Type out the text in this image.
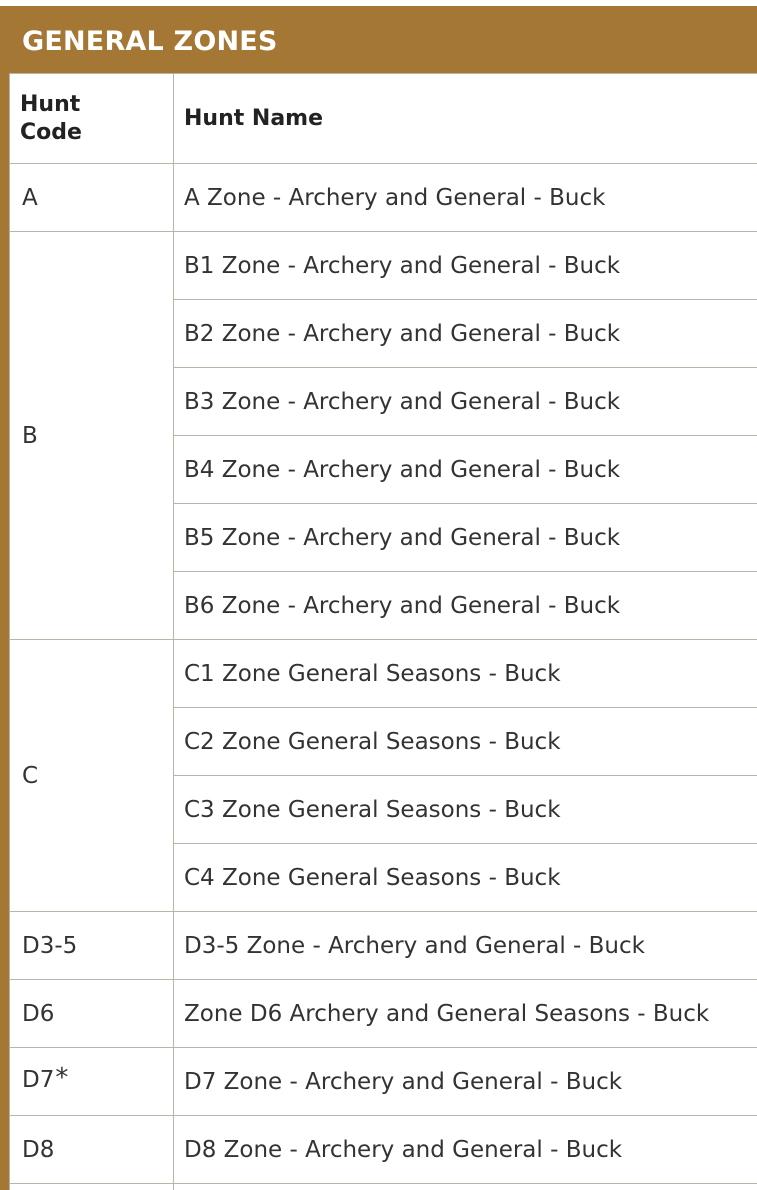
GENERAL ZONES
Hunt
Code	Hunt Name
A	A Zone - Archery and General - Buck
B	B1 Zone - Archery and General - Buck
	B2 Zone - Archery and General - Buck
	B3 Zone - Archery and General - Buck
	B4 Zone - Archery and General - Buck
	B5 Zone - Archery and General - Buck
	B6 Zone - Archery and General - Buck
C	C1 Zone General Seasons - Buck
	C2 Zone General Seasons - Buck
	C3 Zone General Seasons - Buck
	C4 Zone General Seasons - Buck
D3-5	D3-5 Zone - Archery and General - Buck
D6	Zone D6 Archery and General Seasons - Buck
D7*	D7 Zone - Archery and General - Buck
D8	D8 Zone - Archery and General - Buck
